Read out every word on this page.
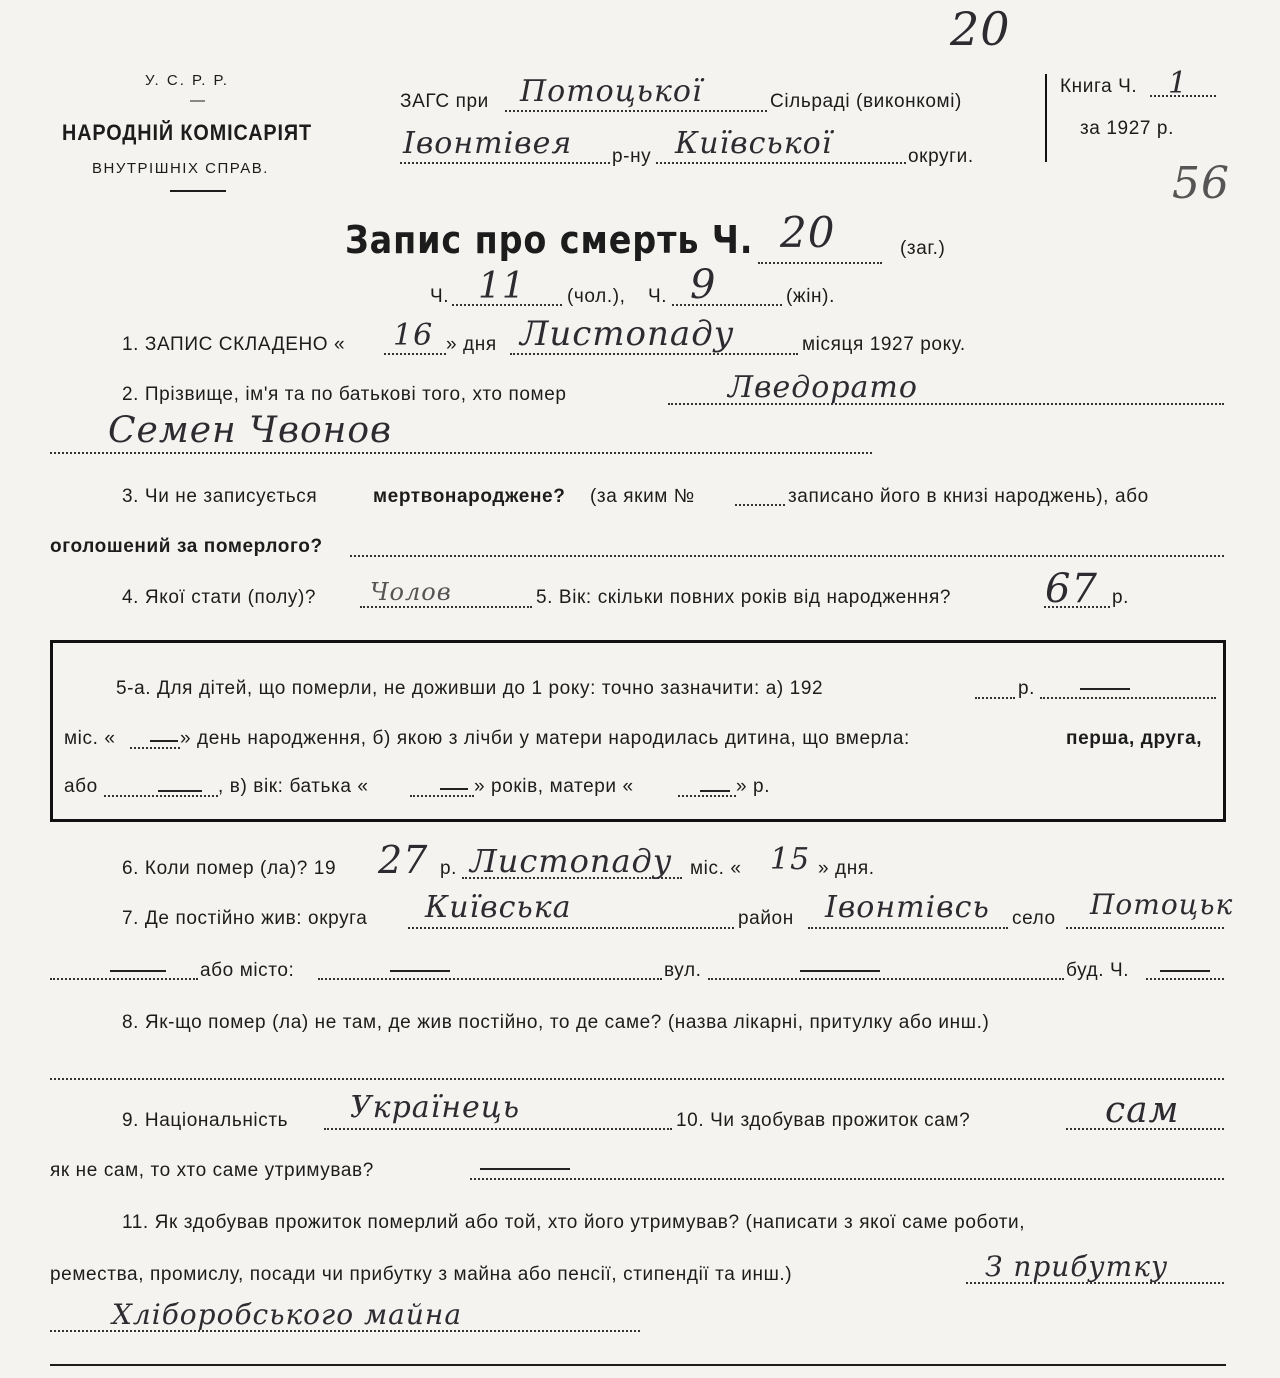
20
56
У. С. Р. Р.
—
НАРОДНІЙ КОМІСАРІЯТ
ВНУТРІШНІХ СПРАВ.
ЗАГС при Потоцької	Сільраді (виконкомі)
Івонтівея р-ну Київської	округи.
Книга Ч. 1
за 1927 р.
Запис про смерть Ч. 20	(заг.)
Ч. 11 (чол.), Ч. 9	(жін).
1. ЗАПИС СКЛАДЕНО « 16 » дня Листопаду	місяця 1927 року.
2. Прізвище, ім'я та по батькові того, хто помер	Лведорато
Семен Чвонов
3. Чи не записується	мертвонароджене? (за яким №	записано його в книзі народжень), або
оголошений за померлого?
4. Якої стати (полу)? Чолов	5. Вік: скільки повних років від народження? 67 р.
5-а. Для дітей, що померли, не доживши до 1 року: точно зазначити: а) 192	р.
міс. «	» день народження, б) якою з лічби у матери народилась дитина, що вмерла:	перша, друга,
або	, в) вік: батька «	» років, матери «	» р.
6. Коли помер (ла)? 19 27 р. Листопаду міс. « 15 » дня.
7. Де постійно жив: округа Київська	район Івонтівсь село Потоцьк
або місто:	вул.	буд. Ч.
8. Як-що помер (ла) не там, де жив постійно, то де саме? (назва лікарні, притулку або инш.)
9. Національність Українець	10. Чи здобував прожиток сам?	сам
як не сам, то хто саме утримував?
11. Як здобував прожиток померлий або той, хто його утримував? (написати з якої саме роботи,
ремества, промислу, посади чи прибутку з майна або пенсії, стипендії та инш.)	З прибутку
Хліборобського майна
